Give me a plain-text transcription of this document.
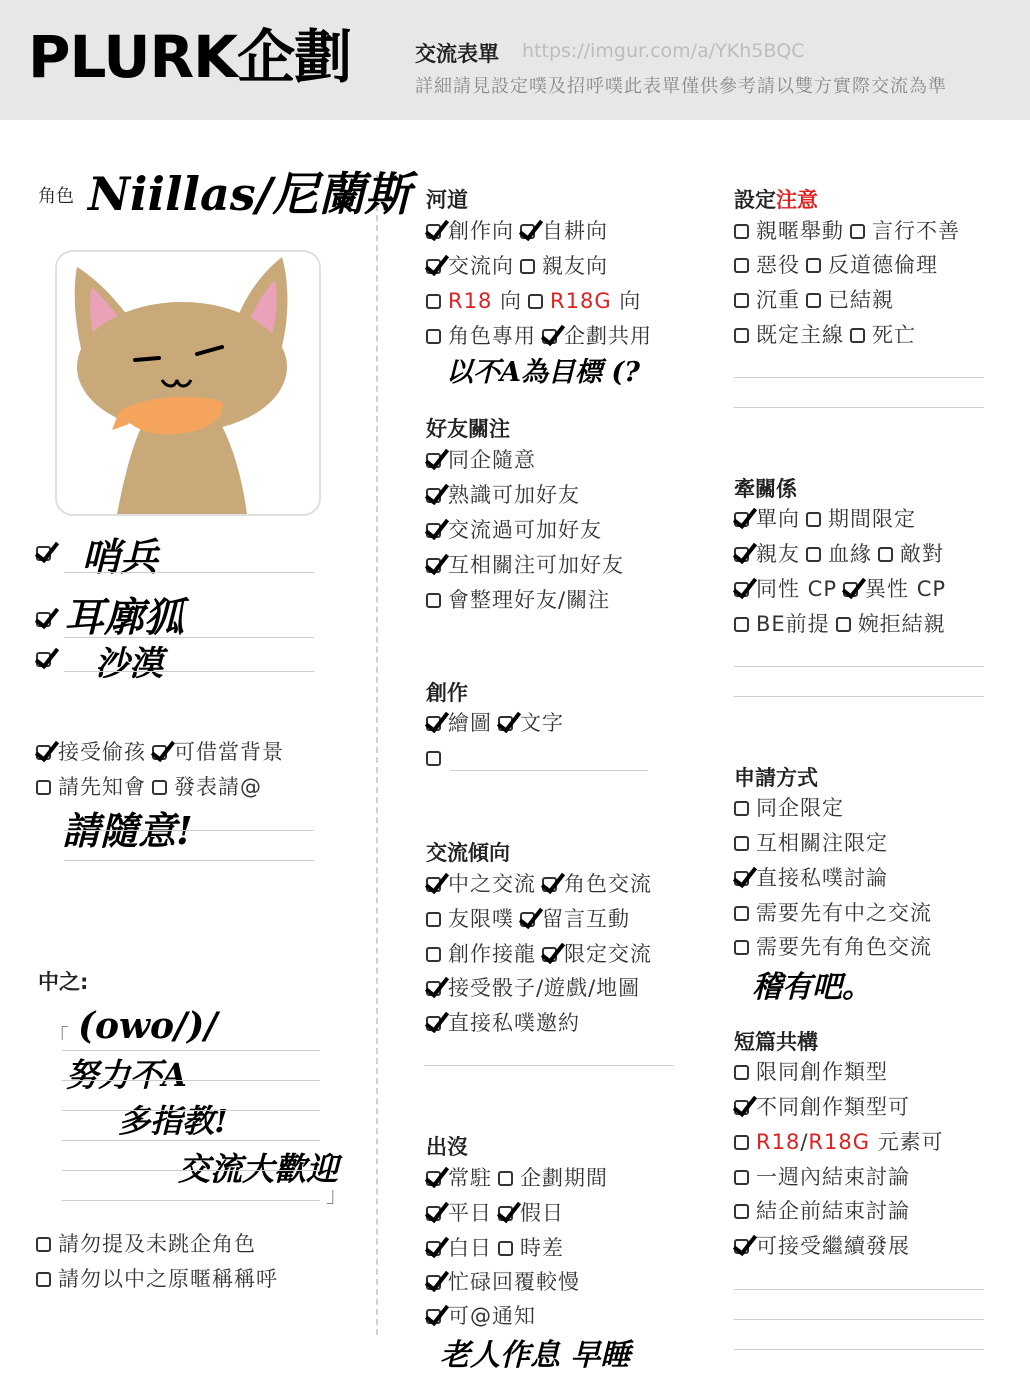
PLURK企劃	交流表單 https://imgur.com/a/YKh5BQC
詳細請見設定噗及招呼噗此表單僅供參考請以雙方實際交流為準
角色 Niillas/尼蘭斯
哨兵
耳廓狐
沙漠
接受偷孩 可借當背景
請先知會 發表請@
請隨意!
中之:
「 (owo/)/
努力不A
多指教!
交流大歡迎
」
請勿提及未跳企角色
請勿以中之原暱稱稱呼
河道
創作向 自耕向
交流向 親友向
R18 向 R18G 向
角色專用 企劃共用
以不A為目標 (?
好友關注
同企隨意
熟識可加好友
交流過可加好友
互相關注可加好友
會整理好友/關注
創作
繪圖 文字
交流傾向
中之交流 角色交流
友限噗 留言互動
創作接龍 限定交流
接受骰子/遊戲/地圖
直接私噗邀約
出沒
常駐 企劃期間
平日 假日
白日 時差
忙碌回覆較慢
可@通知
老人作息 早睡
設定注意
親暱舉動 言行不善
惡役 反道德倫理
沉重 已結親
既定主線 死亡
牽關係
單向 期間限定
親友 血緣 敵對
同性 CP 異性 CP
BE前提 婉拒結親
申請方式
同企限定
互相關注限定
直接私噗討論
需要先有中之交流
需要先有角色交流
稽有吧。
短篇共構
限同創作類型
不同創作類型可
R18/R18G 元素可
一週內結束討論
結企前結束討論
可接受繼續發展
